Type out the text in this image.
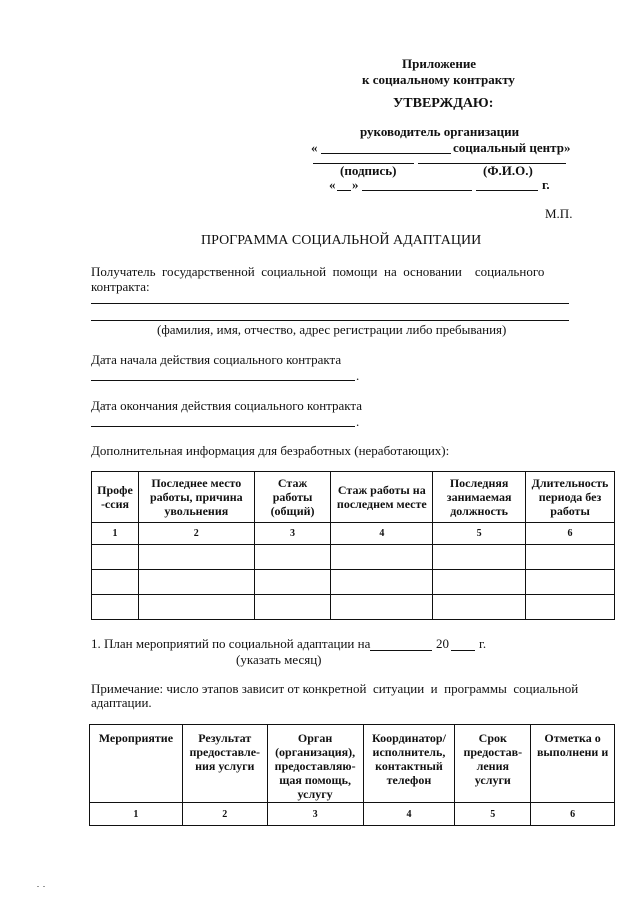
Приложение
к социальному контракту
УТВЕРЖДАЮ:
руководитель организации
«	социальный центр»
(подпись)	(Ф.И.О.)
« »	г.
М.П.
ПРОГРАММА СОЦИАЛЬНОЙ АДАПТАЦИИ
Получатель  государственной  социальной  помощи  на  основании    социального
контракта:
(фамилия, имя, отчество, адрес регистрации либо пребывания)
Дата начала действия социального контракта
.
Дата окончания действия социального контракта
.
Дополнительная информация для безработных (неработающих):
Профе -ссия	Последнее место работы, причина увольнения	Стаж работы (общий)	Стаж работы на последнем месте	Последняя занимаемая должность	Длительность периода без работы
1	2	3	4	5	6

1. План мероприятий по социальной адаптации на	20 г.
(указать месяц)
Примечание: число этапов зависит от конкретной  ситуации  и  программы  социальной
адаптации.
Мероприятие	Результат предоставле- ния услуги	Орган (организация), предоставляю- щая помощь, услугу	Координатор/ исполнитель, контактный телефон	Срок предостав- ления услуги	Отметка о выполнени и
1	2	3	4	5	6
